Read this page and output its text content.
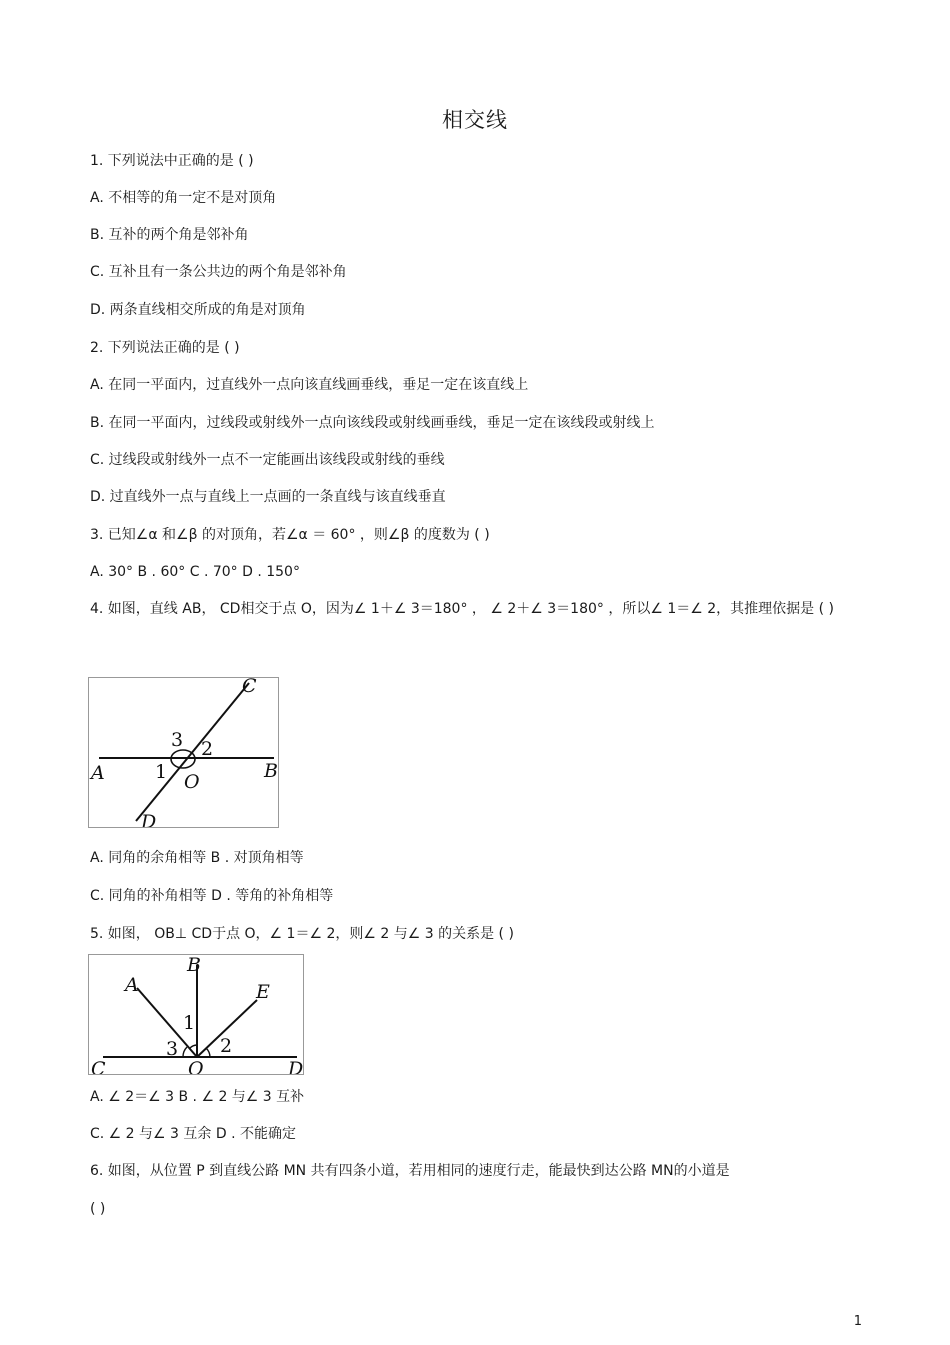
相交线
1. 下列说法中正确的是 ( )
A. 不相等的角一定不是对顶角
B. 互补的两个角是邻补角
C. 互补且有一条公共边的两个角是邻补角
D. 两条直线相交所成的角是对顶角
2. 下列说法正确的是 ( )
A. 在同一平面内，过直线外一点向该直线画垂线，垂足一定在该直线上
B. 在同一平面内，过线段或射线外一点向该线段或射线画垂线，垂足一定在该线段或射线上
C. 过线段或射线外一点不一定能画出该线段或射线的垂线
D. 过直线外一点与直线上一点画的一条直线与该直线垂直
3. 已知∠α 和∠β 的对顶角，若∠α ＝ 60° ，则∠β 的度数为 ( )
A. 30° B . 60° C . 70° D . 150°
4. 如图，直线 AB， CD相交于点 O，因为∠ 1＋∠ 3＝180° ， ∠ 2＋∠ 3＝180° ，所以∠ 1＝∠ 2，其推理依据是 ( )
C
D
A	B
O
1
2
3
A. 同角的余角相等 B . 对顶角相等
C. 同角的补角相等 D . 等角的补角相等
5. 如图， OB⊥ CD于点 O，∠ 1＝∠ 2，则∠ 2 与∠ 3 的关系是 ( )
B
A	E
C	D
O
1
2
3
A. ∠ 2＝∠ 3 B . ∠ 2 与∠ 3 互补
C. ∠ 2 与∠ 3 互余 D . 不能确定
6. 如图，从位置 P 到直线公路 MN 共有四条小道，若用相同的速度行走，能最快到达公路 MN的小道是
( )
1
